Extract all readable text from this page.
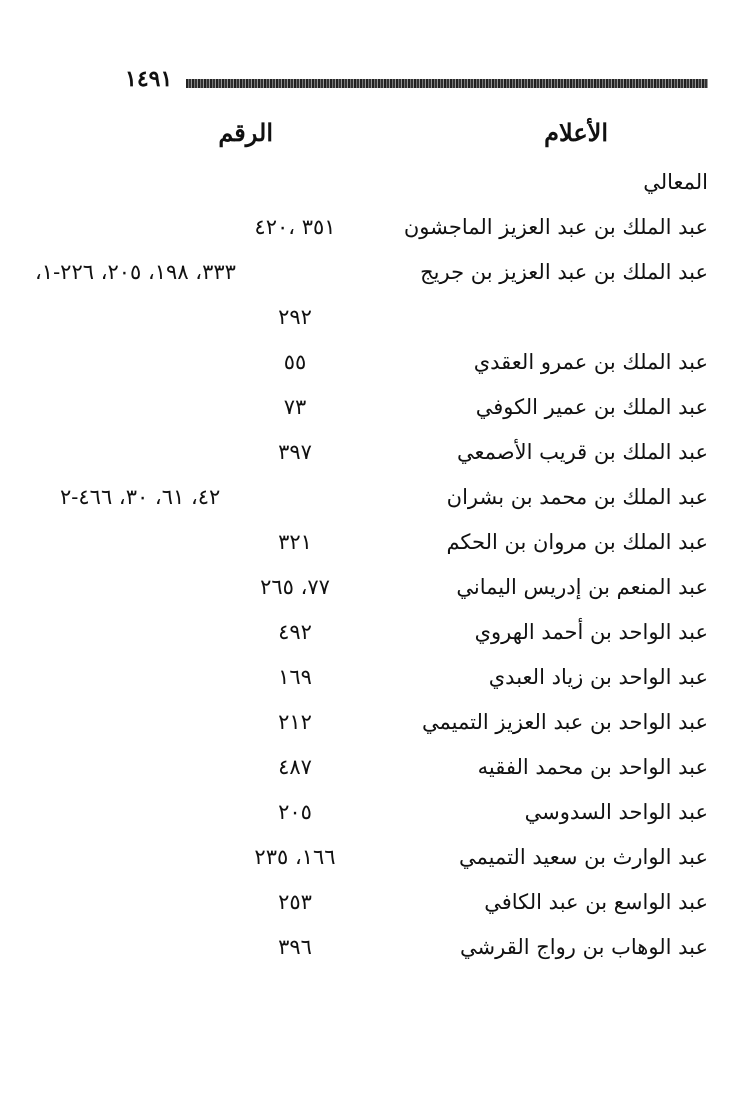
١٤٩١
الأعلام
الرقم
المعالي
عبد الملك بن عبد العزيز الماجشون
٣٥١ ،٤٢٠
عبد الملك بن عبد العزيز بن جريج
٣٣٣، ١٩٨، ٢٠٥، ٢٢٦-١،
٢٩٢
عبد الملك بن عمرو العقدي
٥٥
عبد الملك بن عمير الكوفي
٧٣
عبد الملك بن قريب الأصمعي
٣٩٧
عبد الملك بن محمد بن بشران
٤٢، ٦١، ٣٠، ٤٦٦-٢
عبد الملك بن مروان بن الحكم
٣٢١
عبد المنعم بن إدريس اليماني
٧٧، ٢٦٥
عبد الواحد بن أحمد الهروي
٤٩٢
عبد الواحد بن زياد العبدي
١٦٩
عبد الواحد بن عبد العزيز التميمي
٢١٢
عبد الواحد بن محمد الفقيه
٤٨٧
عبد الواحد السدوسي
٢٠٥
عبد الوارث بن سعيد التميمي
١٦٦، ٢٣٥
عبد الواسع بن عبد الكافي
٢٥٣
عبد الوهاب بن رواج القرشي
٣٩٦
